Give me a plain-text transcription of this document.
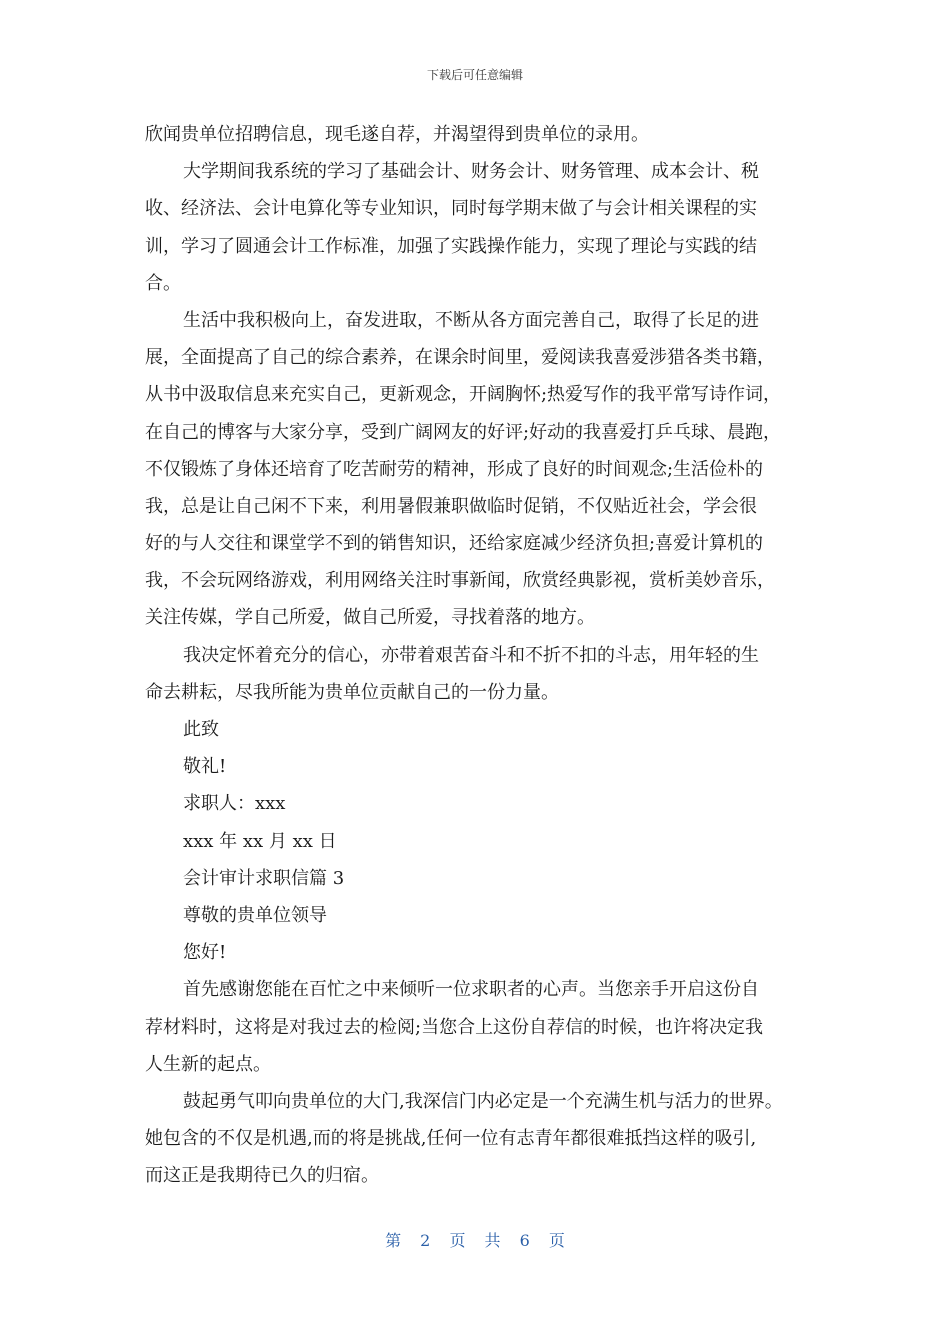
下载后可任意编辑
欣闻贵单位招聘信息，现毛遂自荐，并渴望得到贵单位的录用。
大学期间我系统的学习了基础会计、财务会计、财务管理、成本会计、税
收、经济法、会计电算化等专业知识，同时每学期末做了与会计相关课程的实
训，学习了圆通会计工作标准，加强了实践操作能力，实现了理论与实践的结
合。
生活中我积极向上，奋发进取，不断从各方面完善自己，取得了长足的进
展，全面提高了自己的综合素养，在课余时间里，爱阅读我喜爱涉猎各类书籍，
从书中汲取信息来充实自己，更新观念，开阔胸怀;热爱写作的我平常写诗作词，
在自己的博客与大家分享，受到广阔网友的好评;好动的我喜爱打乒乓球、晨跑，
不仅锻炼了身体还培育了吃苦耐劳的精神，形成了良好的时间观念;生活俭朴的
我，总是让自己闲不下来，利用暑假兼职做临时促销，不仅贴近社会，学会很
好的与人交往和课堂学不到的销售知识，还给家庭减少经济负担;喜爱计算机的
我，不会玩网络游戏，利用网络关注时事新闻，欣赏经典影视，赏析美妙音乐，
关注传媒，学自己所爱，做自己所爱，寻找着落的地方。
我决定怀着充分的信心，亦带着艰苦奋斗和不折不扣的斗志，用年轻的生
命去耕耘，尽我所能为贵单位贡献自己的一份力量。
此致
敬礼!
求职人：xxx
xxx 年 xx 月 xx 日
会计审计求职信篇 3
尊敬的贵单位领导
您好!
首先感谢您能在百忙之中来倾听一位求职者的心声。当您亲手开启这份自
荐材料时，这将是对我过去的检阅;当您合上这份自荐信的时候，也许将决定我
人生新的起点。
鼓起勇气叩向贵单位的大门,我深信门内必定是一个充满生机与活力的世界。
她包含的不仅是机遇,而的将是挑战,任何一位有志青年都很难抵挡这样的吸引,
而这正是我期待已久的归宿。
第 2 页 共 6 页
